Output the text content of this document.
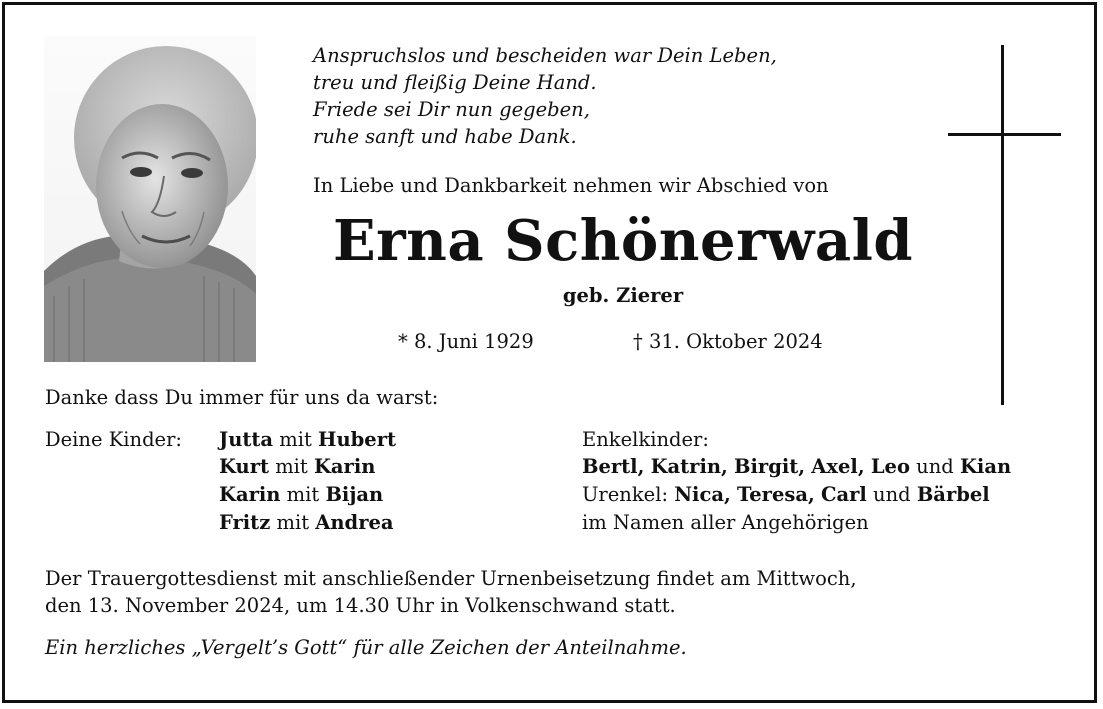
Anspruchslos und bescheiden war Dein Leben,
treu und fleißig Deine Hand.
Friede sei Dir nun gegeben,
ruhe sanft und habe Dank.
In Liebe und Dankbarkeit nehmen wir Abschied von
Erna Schönerwald
geb. Zierer
* 8. Juni 1929	† 31. Oktober 2024
Danke dass Du immer für uns da warst:
Deine Kinder: Jutta mit Hubert
Kurt mit Karin
Karin mit Bijan
Fritz mit Andrea
Enkelkinder:
Bertl, Katrin, Birgit, Axel, Leo und Kian
Urenkel: Nica, Teresa, Carl und Bärbel
im Namen aller Angehörigen
Der Trauergottesdienst mit anschließender Urnenbeisetzung findet am Mittwoch,
den 13. November 2024, um 14.30 Uhr in Volkenschwand statt.
Ein herzliches „Vergelt’s Gott“ für alle Zeichen der Anteilnahme.
